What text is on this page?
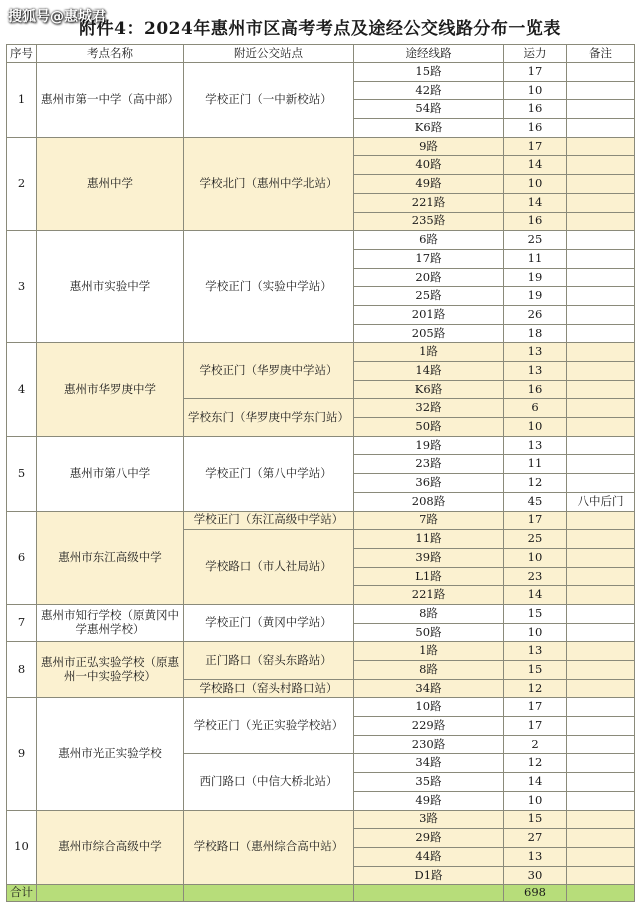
搜狐号@惠城君
附件4：2024年惠州市区高考考点及途经公交线路分布一览表
序号	考点名称	附近公交站点	途经线路	运力	备注
1	惠州市第一中学（高中部）	学校正门（一中新校站）	15路	17	
			42路	10	
			54路	16	
			K6路	16	
2	惠州中学	学校北门（惠州中学北站）	9路	17	
			40路	14	
			49路	10	
			221路	14	
			235路	16	
3	惠州市实验中学	学校正门（实验中学站）	6路	25	
			17路	11	
			20路	19	
			25路	19	
			201路	26	
			205路	18	
4	惠州市华罗庚中学	学校正门（华罗庚中学站）	1路	13	
			14路	13	
			K6路	16	
		学校东门（华罗庚中学东门站）	32路	6	
			50路	10	
5	惠州市第八中学	学校正门（第八中学站）	19路	13	
			23路	11	
			36路	12	
			208路	45	八中后门
6	惠州市东江高级中学	学校正门（东江高级中学站）	7路	17	
		学校路口（市人社局站）	11路	25	
			39路	10	
			L1路	23	
			221路	14	
7	惠州市知行学校（原黄冈中学惠州学校）	学校正门（黄冈中学站）	8路	15	
			50路	10	
8	惠州市正弘实验学校（原惠州一中实验学校）	正门路口（窑头东路站）	1路	13	
			8路	15	
		学校路口（窑头村路口站）	34路	12	
9	惠州市光正实验学校	学校正门（光正实验学校站）	10路	17	
			229路	17	
			230路	2	
		西门路口（中信大桥北站）	34路	12	
			35路	14	
			49路	10	
10	惠州市综合高级中学	学校路口（惠州综合高中站）	3路	15	
			29路	27	
			44路	13	
			D1路	30	
合计				698	
